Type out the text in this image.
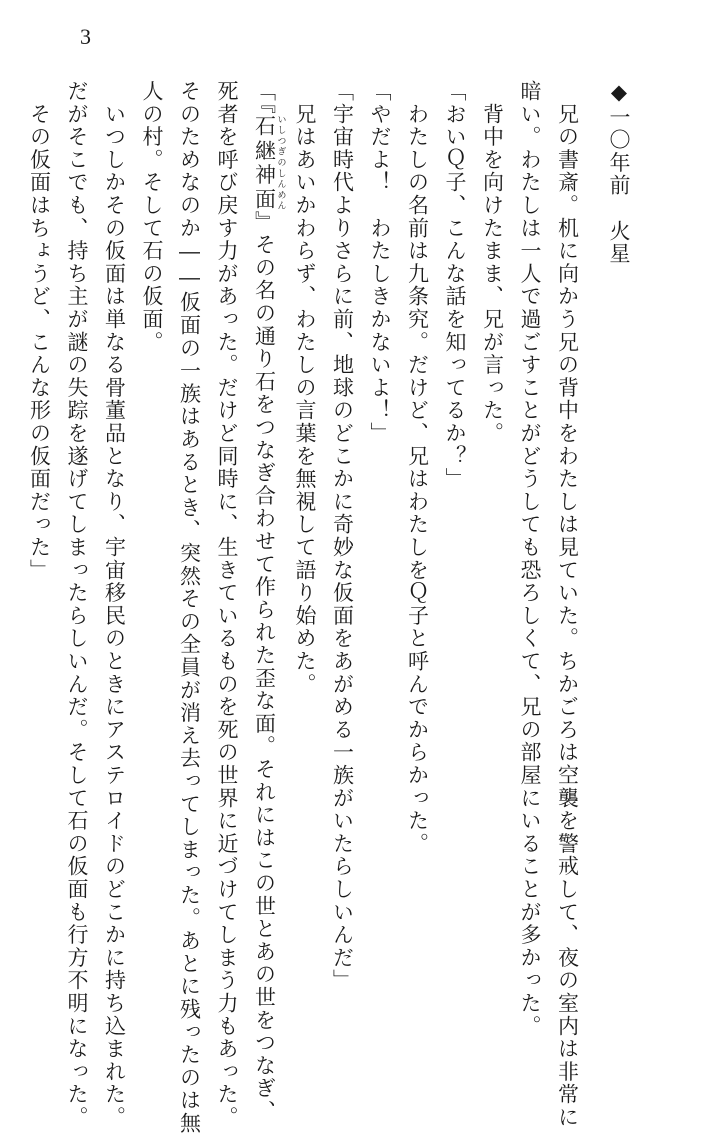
3
◆一〇年前　火星
兄の書斎。机に向かう兄の背中をわたしは見ていた。ちかごろは空襲を警戒して、夜の室内は非常に
暗い。わたしは一人で過ごすことがどうしても恐ろしくて、兄の部屋にいることが多かった。
背中を向けたまま、兄が言った。
「おいＱ子、こんな話を知ってるか？」
わたしの名前は九条究。だけど、兄はわたしをＱ子と呼んでからかった。
「やだよ！　わたしきかないよ！」
「宇宙時代よりさらに前、地球のどこかに奇妙な仮面をあがめる一族がいたらしいんだ」
兄はあいかわらず、わたしの言葉を無視して語り始めた。
「『石継神面 いしつぎのしんめん』その名の通り石をつなぎ合わせて作られた歪な面。それにはこの世とあの世をつなぎ、
死者を呼び戻す力があった。だけど同時に、生きているものを死の世界に近づけてしまう力もあった。
そのためなのか――仮面の一族はあるとき、突然その全員が消え去ってしまった。あとに残ったのは無
人の村。そして石の仮面。
いつしかその仮面は単なる骨董品となり、宇宙移民のときにアステロイドのどこかに持ち込まれた。
だがそこでも、持ち主が謎の失踪を遂げてしまったらしいんだ。そして石の仮面も行方不明になった。
その仮面はちょうど、こんな形の仮面だった」
